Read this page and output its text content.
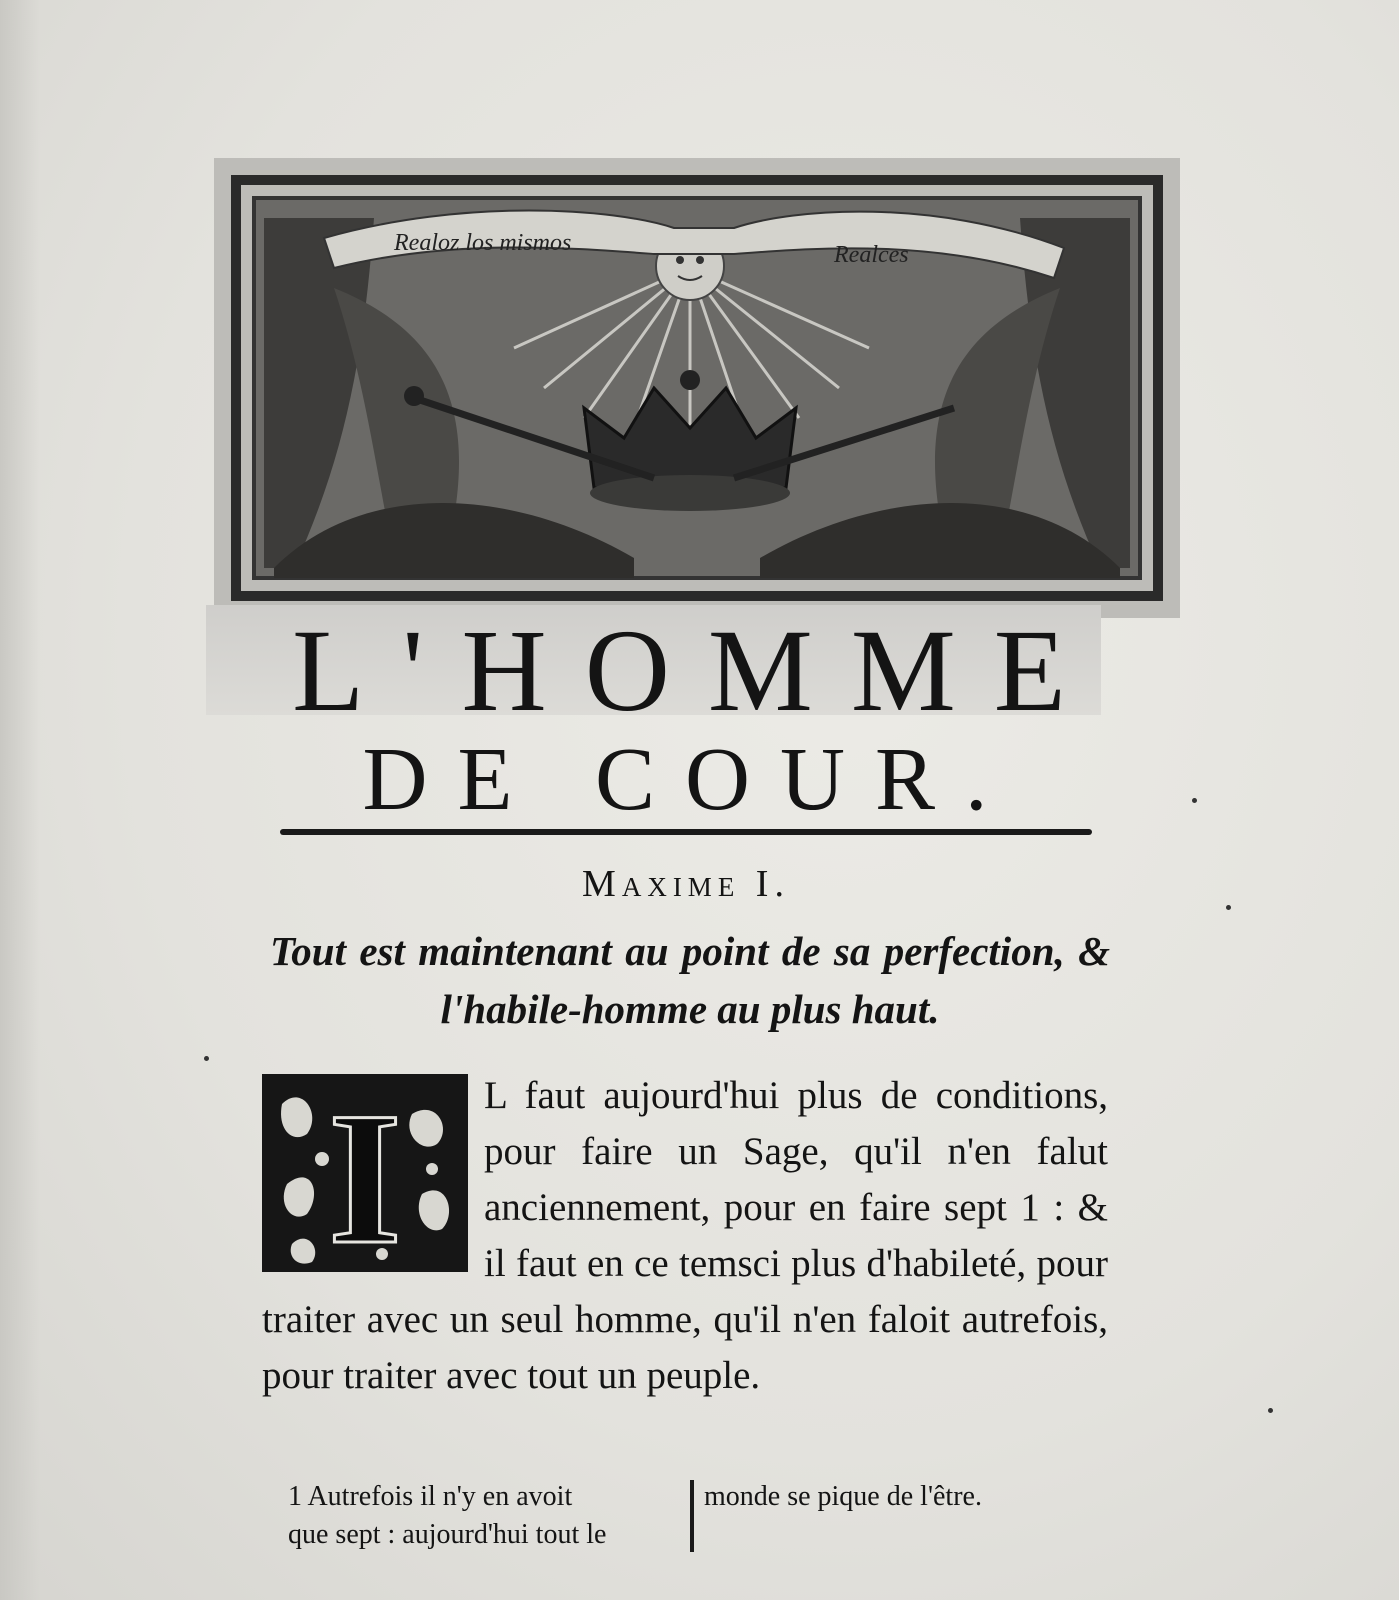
Realoz los mismos	Realces
L'HOMME
DE COUR.
Maxime I.
Tout est maintenant au point de sa perfection, & l'habile-homme au plus haut.
I	L faut aujourd'hui plus de conditions, pour faire un Sage, qu'il n'en falut anciennement, pour en faire sept 1 : & il faut en ce temsci plus d'habileté, pour traiter avec un seul homme, qu'il n'en faloit autrefois, pour traiter avec tout un peuple.

1 Autrefois il n'y en avoit
que sept : aujourd'hui tout le
monde se pique de l'être.
